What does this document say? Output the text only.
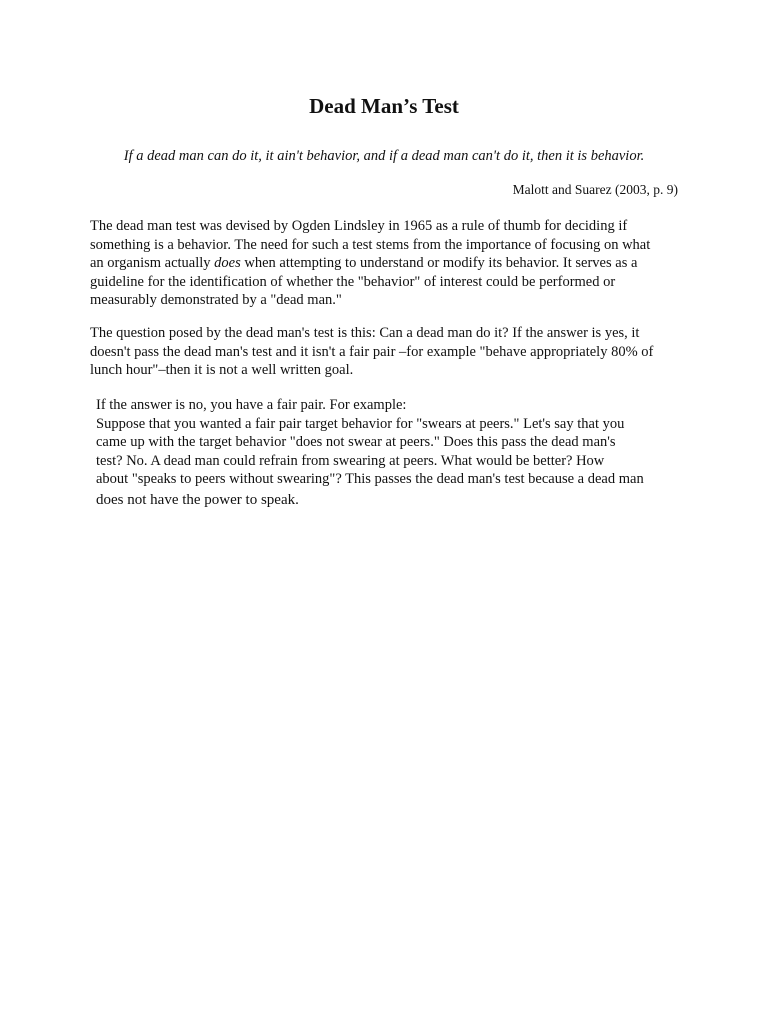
Dead Man’s Test

If a dead man can do it, it ain't behavior, and if a dead man can't do it, then it is behavior.

Malott and Suarez (2003, p. 9)

The dead man test was devised by Ogden Lindsley in 1965 as a rule of thumb for deciding if
something is a behavior. The need for such a test stems from the importance of focusing on what
an organism actually does when attempting to understand or modify its behavior. It serves as a
guideline for the identification of whether the "behavior" of interest could be performed or
measurably demonstrated by a "dead man."

The question posed by the dead man's test is this: Can a dead man do it? If the answer is yes, it
doesn't pass the dead man's test and it isn't a fair pair –for example "behave appropriately 80% of
lunch hour"–then it is not a well written goal.

If the answer is no, you have a fair pair. For example:
Suppose that you wanted a fair pair target behavior for "swears at peers." Let's say that you
came up with the target behavior "does not swear at peers." Does this pass the dead man's
test? No. A dead man could refrain from swearing at peers. What would be better? How
about "speaks to peers without swearing"? This passes the dead man's test because a dead man
does not have the power to speak.
